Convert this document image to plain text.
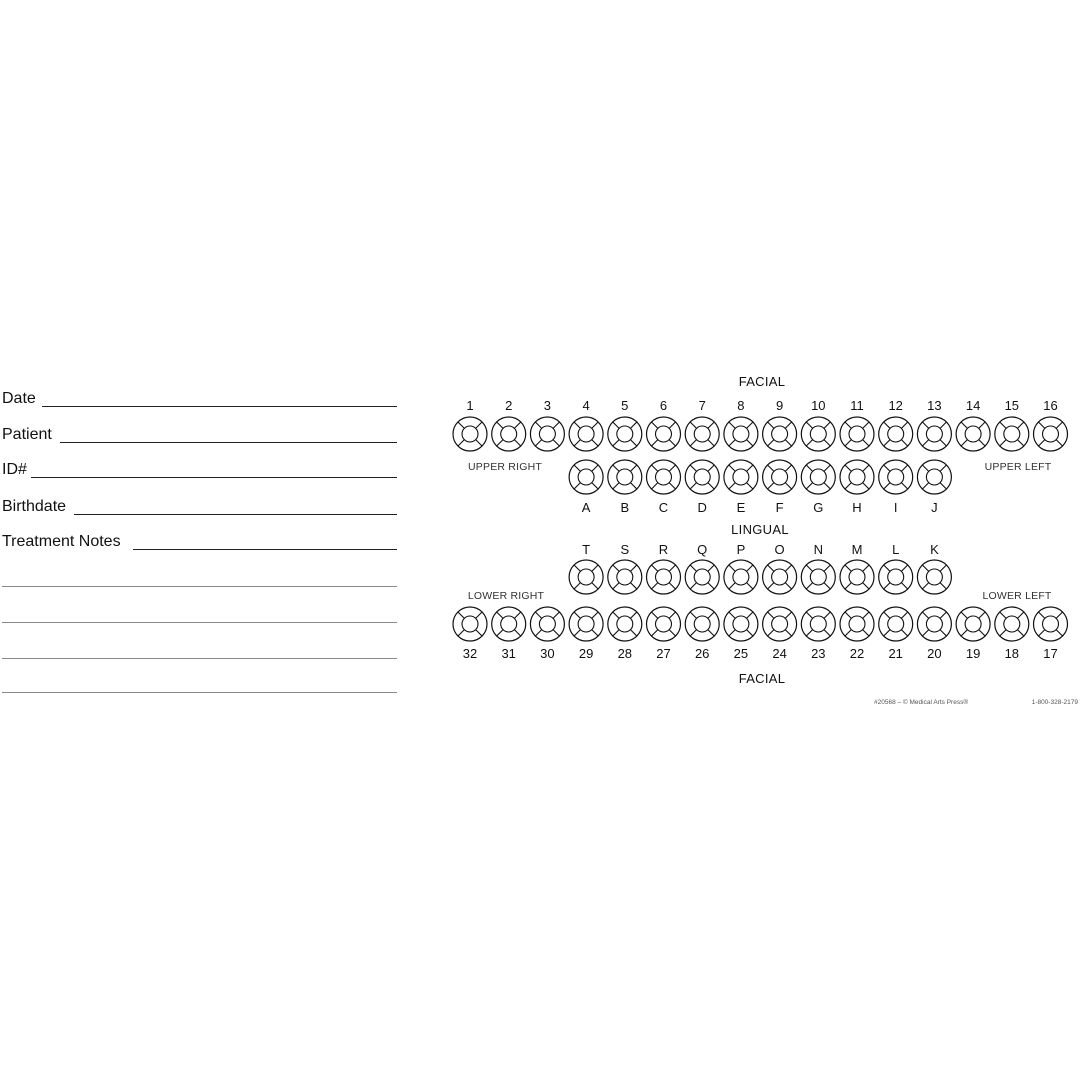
Date
Patient
ID#
Birthdate
Treatment Notes
FACIAL
LINGUAL
FACIAL
UPPER RIGHT	UPPER LEFT
LOWER RIGHT	LOWER LEFT
1 2 3 4 5 6 7 8 9 10 11 12 13 14 15 16
A B C D E F G H I	J
T S R Q P O N M L K
32 31 30 29 28 27 26 25 24 23 22 21 20 19 18 17
#20568 – © Medical Arts Press®	1-800-328-2179
